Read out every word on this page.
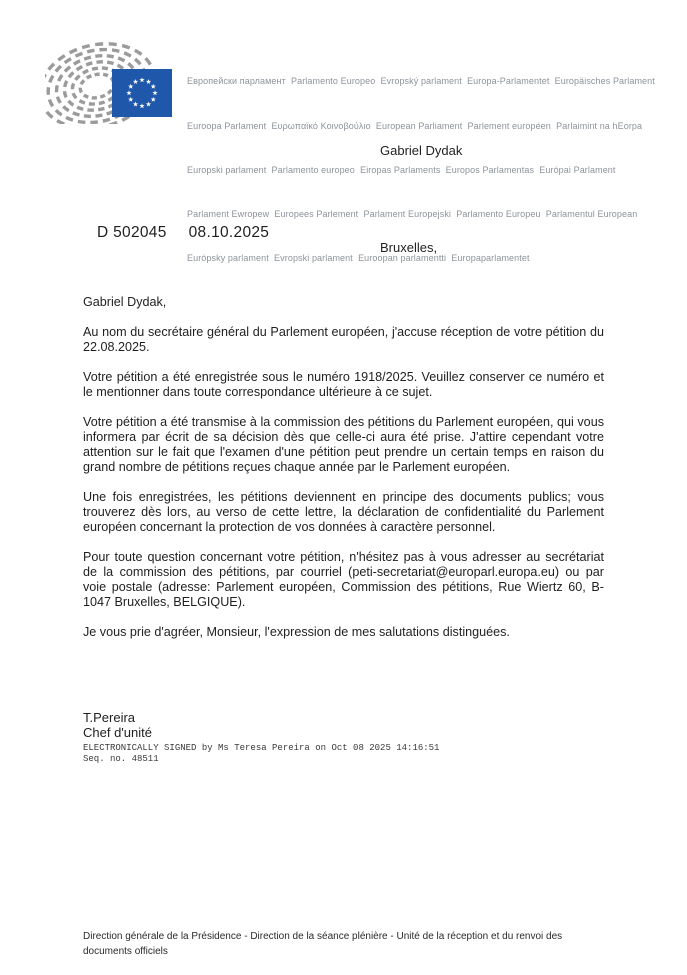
Европейски парламент  Parlamento Europeo  Evropský parlament  Europa-Parlamentet  Europäisches Parlament

Euroopa Parlament  Ευρωπαϊκό Κοινοβούλιο  European Parliament  Parlement européen  Parlaimint na hEorpa

Europski parlament  Parlamento europeo  Eiropas Parlaments  Europos Parlamentas  Európai Parlament

Parlament Ewropew  Europees Parlement  Parlament Europejski  Parlamento Europeu  Parlamentul European

Európsky parlament  Evropski parlament  Euroopan parlamentti  Europaparlamentet

Gabriel Dydak
D 502045 08.10.2025
Bruxelles,

Gabriel Dydak,

Au nom du secrétaire général du Parlement européen, j'accuse réception de votre pétition du 22.08.2025.

Votre pétition a été enregistrée sous le numéro 1918/2025. Veuillez conserver ce numéro et le mentionner dans toute correspondance ultérieure à ce sujet.

Votre pétition a été transmise à la commission des pétitions du Parlement européen, qui vous informera par écrit de sa décision dès que celle-ci aura été prise. J'attire cependant votre attention sur le fait que l'examen d'une pétition peut prendre un certain temps en raison du grand nombre de pétitions reçues chaque année par le Parlement européen.

Une fois enregistrées, les pétitions deviennent en principe des documents publics; vous trouverez dès lors, au verso de cette lettre, la déclaration de confidentialité du Parlement européen concernant la protection de vos données à caractère personnel.

Pour toute question concernant votre pétition, n'hésitez pas à vous adresser au secrétariat de la commission des pétitions, par courriel (peti-secretariat@europarl.europa.eu) ou par voie postale (adresse: Parlement européen, Commission des pétitions, Rue Wiertz 60, B-1047 Bruxelles, BELGIQUE).

Je vous prie d'agréer, Monsieur, l'expression de mes salutations distinguées.

T.Pereira
Chef d'unité
ELECTRONICALLY SIGNED by Ms Teresa Pereira on Oct 08 2025 14:16:51
Seq. no. 48511
Direction générale de la Présidence - Direction de la séance plénière - Unité de la réception et du renvoi des documents officiels
